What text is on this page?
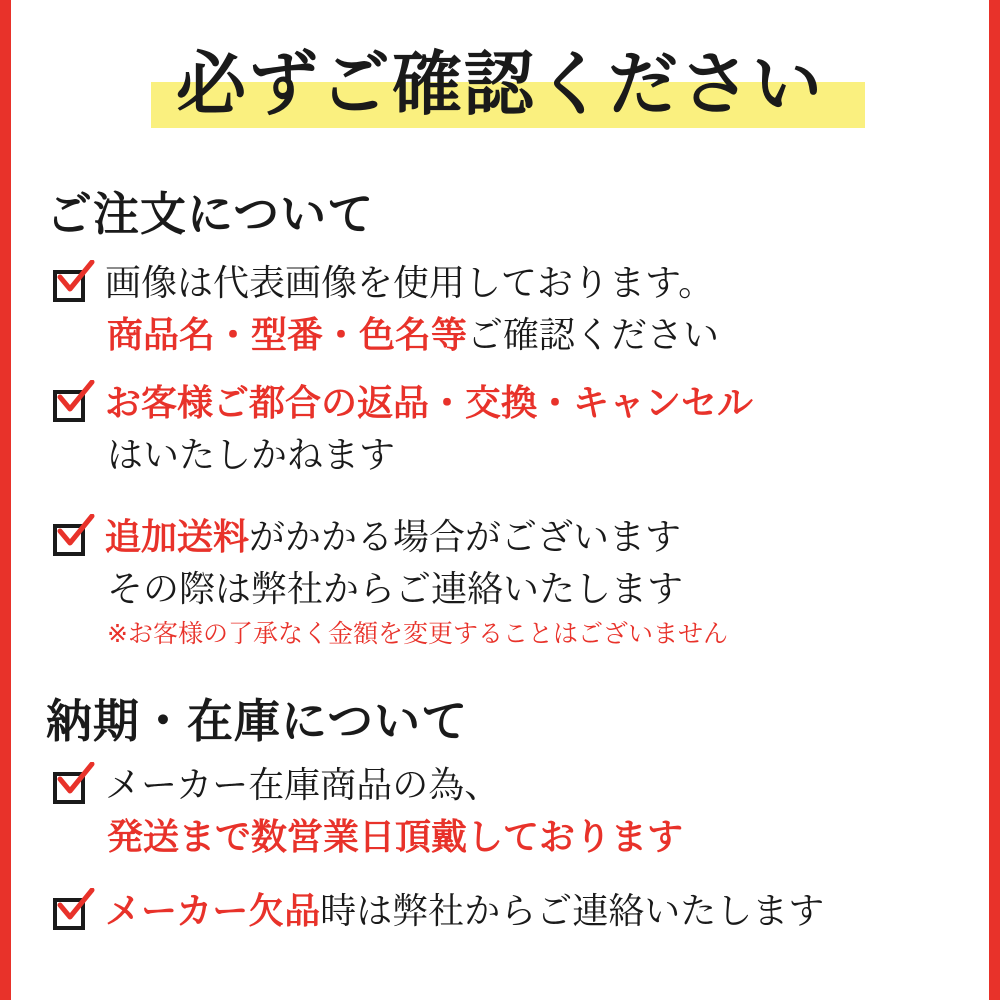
必ずご確認ください
ご注文について
画像は代表画像を使用しております。
商品名・型番・色名等 ご確認ください
お客様ご都合の返品・交換・キャンセル
はいたしかねます
追加送料がかかる場合がございます
その際は弊社からご連絡いたします
※お客様の了承なく金額を変更することはございません
納期・在庫について
メーカー在庫商品の為、
発送まで数営業日頂戴しております
メーカー欠品時は弊社からご連絡いたします
